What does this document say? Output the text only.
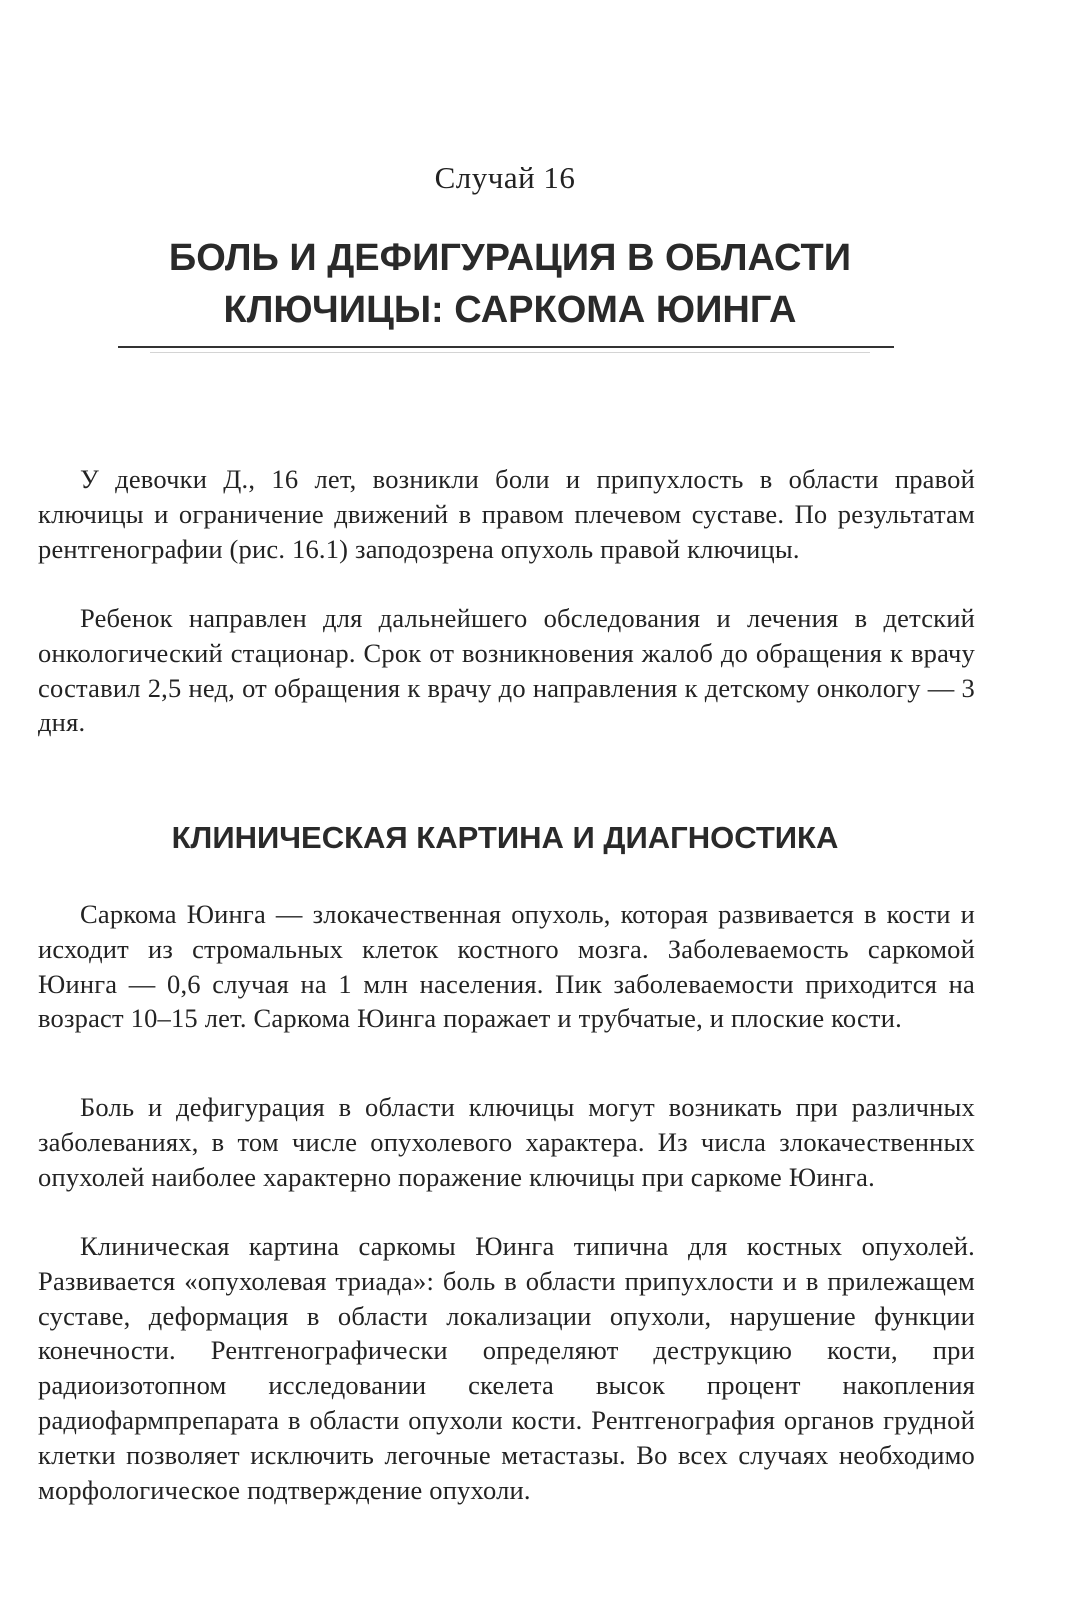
Случай 16
БОЛЬ И ДЕФИГУРАЦИЯ В ОБЛАСТИ
КЛЮЧИЦЫ: САРКОМА ЮИНГА

У девочки Д., 16 лет, возникли боли и припухлость в области правой ключицы и ограничение движений в правом плечевом суставе. По результатам рентгенографии (рис. 16.1) заподозрена опухоль правой ключицы.

Ребенок направлен для дальнейшего обследования и лечения в детский онкологический стационар. Срок от возникновения жалоб до обращения к врачу составил 2,5 нед, от обращения к врачу до направления к детскому онкологу — 3 дня.

КЛИНИЧЕСКАЯ КАРТИНА И ДИАГНОСТИКА

Саркома Юинга — злокачественная опухоль, которая развивается в кости и исходит из стромальных клеток костного мозга. Заболеваемость саркомой Юинга — 0,6 случая на 1 млн населения. Пик заболеваемости приходится на возраст 10–15 лет. Саркома Юинга поражает и трубчатые, и плоские кости.

Боль и дефигурация в области ключицы могут возникать при различных заболеваниях, в том числе опухолевого характера. Из числа злокачественных опухолей наиболее характерно поражение ключицы при саркоме Юинга.

Клиническая картина саркомы Юинга типична для костных опухолей. Развивается «опухолевая триада»: боль в области припухлости и в прилежащем суставе, деформация в области локализации опухоли, нарушение функции конечности. Рентгенографически определяют деструкцию кости, при радиоизотопном исследовании скелета высок процент накопления радиофармпрепарата в области опухоли кости. Рентгенография органов грудной клетки позволяет исключить легочные метастазы. Во всех случаях необходимо морфологическое подтверждение опухоли.
